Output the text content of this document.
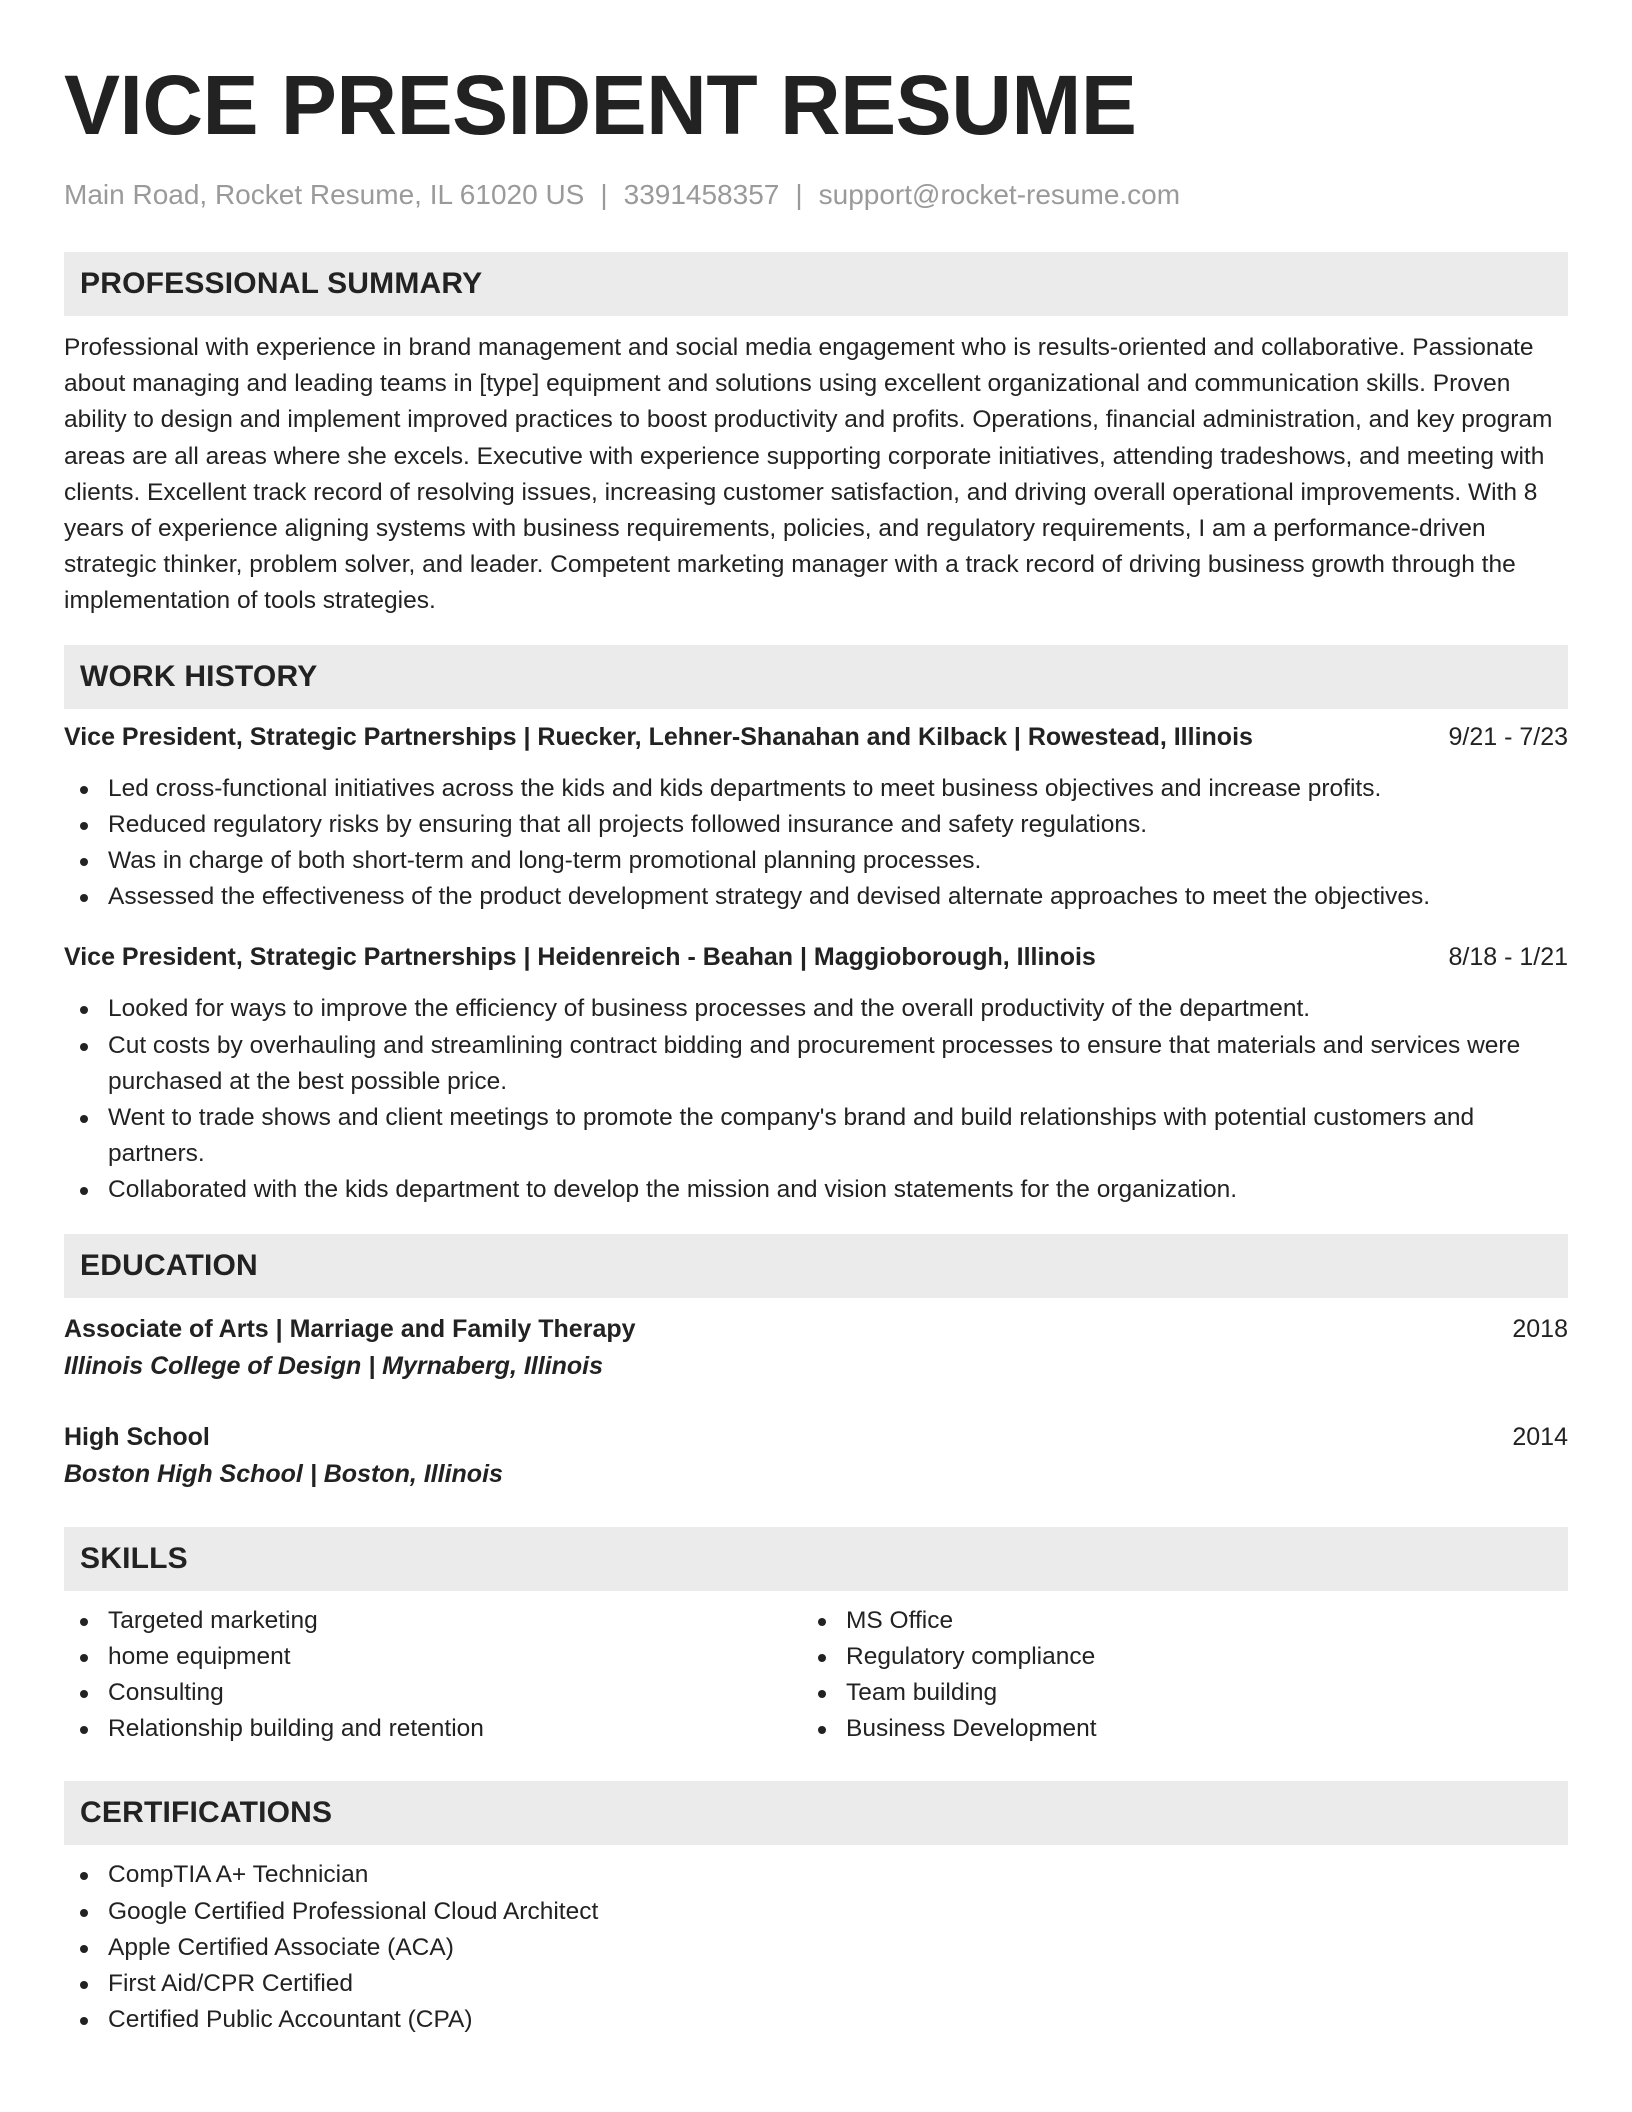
VICE PRESIDENT RESUME
Main Road, Rocket Resume, IL 61020 US | 3391458357 | support@rocket-resume.com
PROFESSIONAL SUMMARY

Professional with experience in brand management and social media engagement who is results-oriented and collaborative. Passionate about managing and leading teams in [type] equipment and solutions using excellent organizational and communication skills. Proven ability to design and implement improved practices to boost productivity and profits. Operations, financial administration, and key program areas are all areas where she excels. Executive with experience supporting corporate initiatives, attending tradeshows, and meeting with clients. Excellent track record of resolving issues, increasing customer satisfaction, and driving overall operational improvements. With 8 years of experience aligning systems with business requirements, policies, and regulatory requirements, I am a performance-driven strategic thinker, problem solver, and leader. Competent marketing manager with a track record of driving business growth through the implementation of tools strategies.

WORK HISTORY
Vice President, Strategic Partnerships | Ruecker, Lehner-Shanahan and Kilback | Rowestead, Illinois	9/21 - 7/23
Led cross-functional initiatives across the kids and kids departments to meet business objectives and increase profits.
Reduced regulatory risks by ensuring that all projects followed insurance and safety regulations.
Was in charge of both short-term and long-term promotional planning processes.
Assessed the effectiveness of the product development strategy and devised alternate approaches to meet the objectives.
Vice President, Strategic Partnerships | Heidenreich - Beahan | Maggioborough, Illinois	8/18 - 1/21
Looked for ways to improve the efficiency of business processes and the overall productivity of the department.
Cut costs by overhauling and streamlining contract bidding and procurement processes to ensure that materials and services were purchased at the best possible price.
Went to trade shows and client meetings to promote the company's brand and build relationships with potential customers and partners.
Collaborated with the kids department to develop the mission and vision statements for the organization.
EDUCATION
Associate of Arts | Marriage and Family Therapy	2018
Illinois College of Design | Myrnaberg, Illinois
High School	2014
Boston High School | Boston, Illinois
SKILLS
Targeted marketing
home equipment
Consulting
Relationship building and retention
MS Office
Regulatory compliance
Team building
Business Development
CERTIFICATIONS
CompTIA A+ Technician
Google Certified Professional Cloud Architect
Apple Certified Associate (ACA)
First Aid/CPR Certified
Certified Public Accountant (CPA)
